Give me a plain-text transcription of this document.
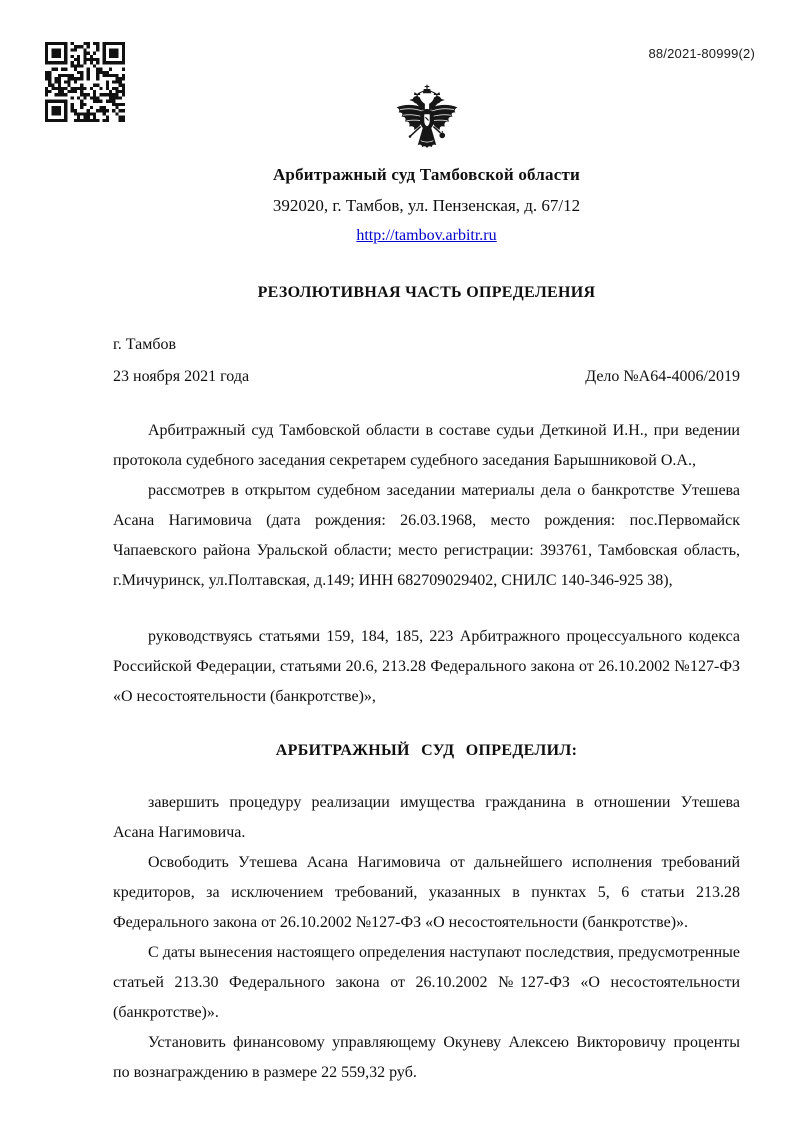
88/2021-80999(2)
Арбитражный суд Тамбовской области
392020, г. Тамбов, ул. Пензенская, д. 67/12
http://tambov.arbitr.ru
РЕЗОЛЮТИВНАЯ ЧАСТЬ ОПРЕДЕЛЕНИЯ
г. Тамбов
23 ноября 2021 года	Дело №А64-4006/2019

Арбитражный суд Тамбовской области в составе судьи Деткиной И.Н., при ведении протокола судебного заседания секретарем судебного заседания Барышниковой О.А.,

рассмотрев в открытом судебном заседании материалы дела о банкротстве Утешева Асана Нагимовича (дата рождения: 26.03.1968, место рождения: пос.Первомайск Чапаевского района Уральской области; место регистрации: 393761, Тамбовская область, г.Мичуринск, ул.Полтавская, д.149; ИНН 682709029402, СНИЛС 140-346-925 38),

руководствуясь статьями 159, 184, 185, 223 Арбитражного процессуального кодекса Российской Федерации, статьями 20.6, 213.28 Федерального закона от 26.10.2002 №127-ФЗ «О несостоятельности (банкротстве)»,

АРБИТРАЖНЫЙ СУД ОПРЕДЕЛИЛ:

завершить процедуру реализации имущества гражданина в отношении Утешева Асана Нагимовича.

Освободить Утешева Асана Нагимовича от дальнейшего исполнения требований кредиторов, за исключением требований, указанных в пунктах 5, 6 статьи 213.28 Федерального закона от 26.10.2002 №127-ФЗ «О несостоятельности (банкротстве)».

С даты вынесения настоящего определения наступают последствия, предусмотренные статьей 213.30 Федерального закона от 26.10.2002 №127-ФЗ «О несостоятельности (банкротстве)».

Установить финансовому управляющему Окуневу Алексею Викторовичу проценты по вознаграждению в размере 22 559,32 руб.
